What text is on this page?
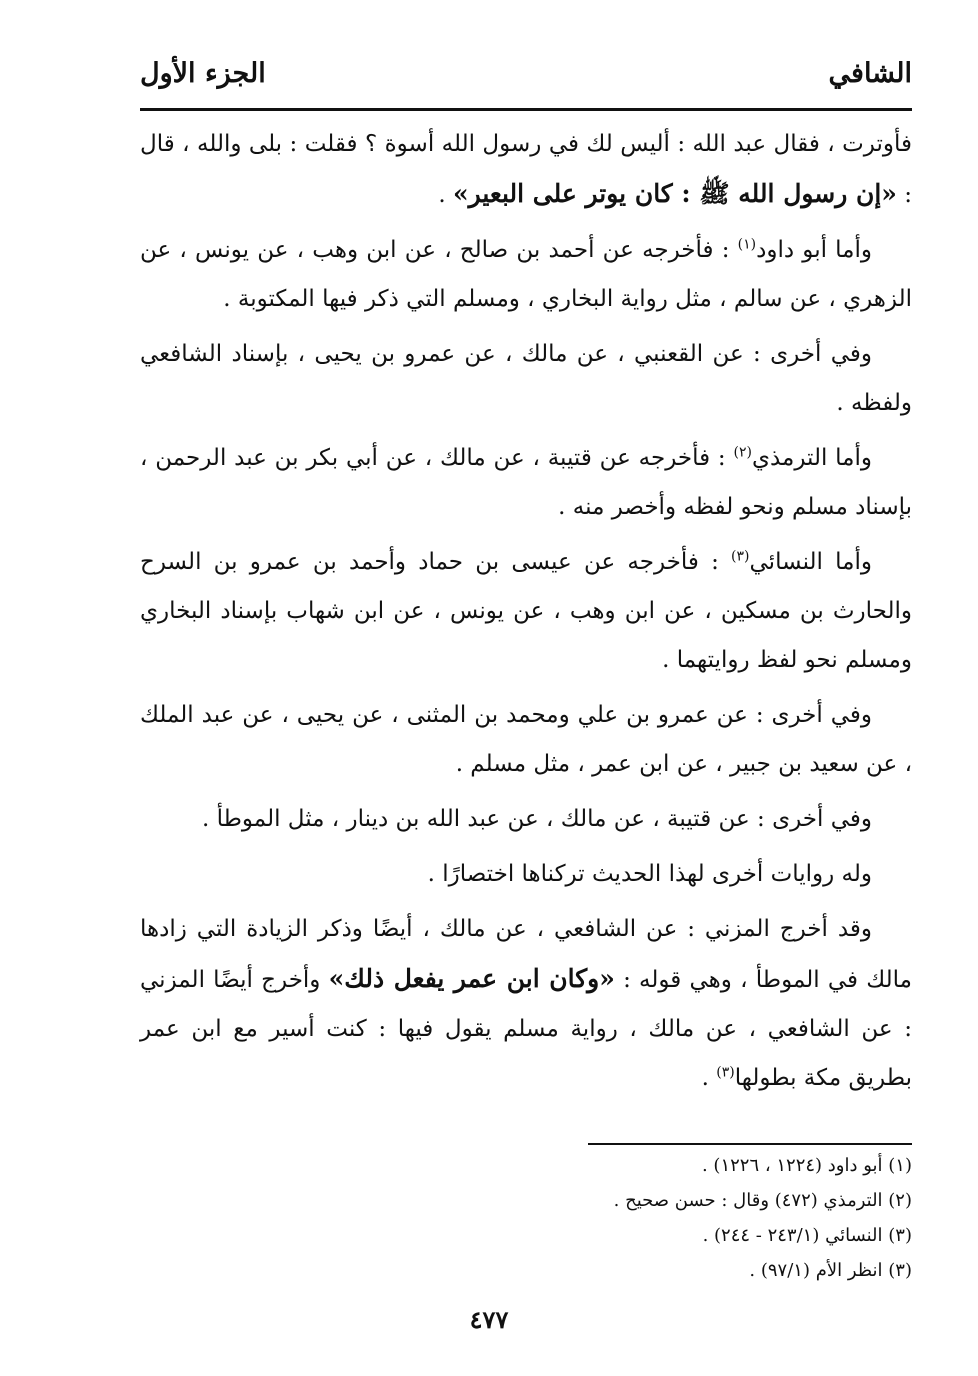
الشافي
الجزء الأول

فأوترت ، فقال عبد الله : أليس لك في رسول الله أسوة ؟ فقلت : بلى والله ، قال : «إن رسول الله ﷺ : كان يوتر على البعير» .

وأما أبو داود$^{(١)}$ : فأخرجه عن أحمد بن صالح ، عن ابن وهب ، عن يونس ، عن الزهري ، عن سالم ، مثل رواية البخاري ، ومسلم التي ذكر فيها المكتوبة .

وفي أخرى : عن القعنبي ، عن مالك ، عن عمرو بن يحيى ، بإسناد الشافعي ولفظه .

وأما الترمذي$^{(٢)}$ : فأخرجه عن قتيبة ، عن مالك ، عن أبي بكر بن عبد الرحمن ، بإسناد مسلم ونحو لفظه وأخصر منه .

وأما النسائي$^{(٣)}$ : فأخرجه عن عيسى بن حماد وأحمد بن عمرو بن السرح والحارث بن مسكين ، عن ابن وهب ، عن يونس ، عن ابن شهاب بإسناد البخاري ومسلم نحو لفظ روايتهما .

وفي أخرى : عن عمرو بن علي ومحمد بن المثنى ، عن يحيى ، عن عبد الملك ، عن سعيد بن جبير ، عن ابن عمر ، مثل مسلم .

وفي أخرى : عن قتيبة ، عن مالك ، عن عبد الله بن دينار ، مثل الموطأ .

وله روايات أخرى لهذا الحديث تركناها اختصارًا .

وقد أخرج المزني : عن الشافعي ، عن مالك ، أيضًا وذكر الزيادة التي زادها مالك في الموطأ ، وهي قوله : «وكان ابن عمر يفعل ذلك» وأخرج أيضًا المزني : عن الشافعي ، عن مالك ، رواية مسلم يقول فيها : كنت أسير مع ابن عمر بطريق مكة بطولها$^{(٣)}$ .

(١) أبو داود (١٢٢٤ ، ١٢٢٦) .
(٢) الترمذي (٤٧٢) وقال : حسن صحيح .
(٣) النسائي (٢٤٣/١ - ٢٤٤) .
(٣) انظر الأم (٩٧/١) .
٤٧٧
